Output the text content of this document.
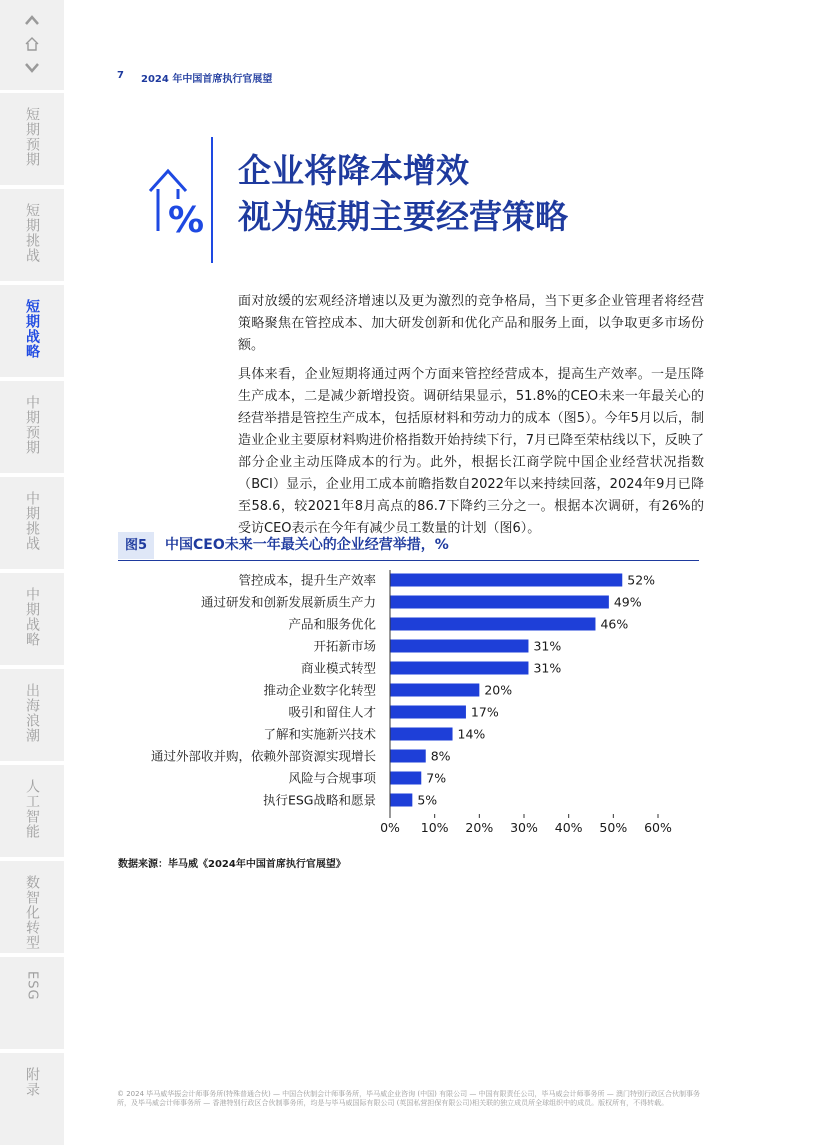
短期预期
短期挑战
短期战略
中期预期
中期挑战
中期战略
出海浪潮
人工智能
数智化转型
ESG
附录
7 2024 年中国首席执行官展望
%
企业将降本增效
视为短期主要经营策略

面对放缓的宏观经济增速以及更为激烈的竞争格局，当下更多企业管理者将经营策略聚焦在管控成本、加大研发创新和优化产品和服务上面，以争取更多市场份额。

具体来看，企业短期将通过两个方面来管控经营成本，提高生产效率。一是压降生产成本，二是减少新增投资。调研结果显示，51.8%的CEO未来一年最关心的经营举措是管控生产成本，包括原材料和劳动力的成本（图5）。今年5月以后，制造业企业主要原材料购进价格指数开始持续下行，7月已降至荣枯线以下，反映了部分企业主动压降成本的行为。此外，根据长江商学院中国企业经营状况指数（BCI）显示，企业用工成本前瞻指数自2022年以来持续回落，2024年9月已降至58.6，较2021年8月高点的86.7下降约三分之一。根据本次调研，有26%的受访CEO表示在今年有减少员工数量的计划（图6）。

图5	中国CEO未来一年最关心的企业经营举措，%
管控成本，提升生产效率	52%
通过研发和创新发展新质生产力	49%
产品和服务优化	46%
开拓新市场	31%
商业模式转型	31%
推动企业数字化转型	20%
吸引和留住人才	17%
了解和实施新兴技术	14%
通过外部收并购，依赖外部资源实现增长	8%
风险与合规事项	7%
执行ESG战略和愿景	5%
0% 10% 20% 30% 40% 50% 60%
数据来源：毕马威《2024年中国首席执行官展望》

© 2024 毕马威华振会计师事务所(特殊普通合伙) — 中国合伙制会计师事务所，毕马威企业咨询 (中国) 有限公司 — 中国有限责任公司，毕马威会计师事务所 — 澳门特别行政区合伙制事务所，及毕马威会计师事务所 — 香港特别行政区合伙制事务所，均是与毕马威国际有限公司 (英国私营担保有限公司)相关联的独立成员所全球组织中的成员。版权所有，不得转载。
